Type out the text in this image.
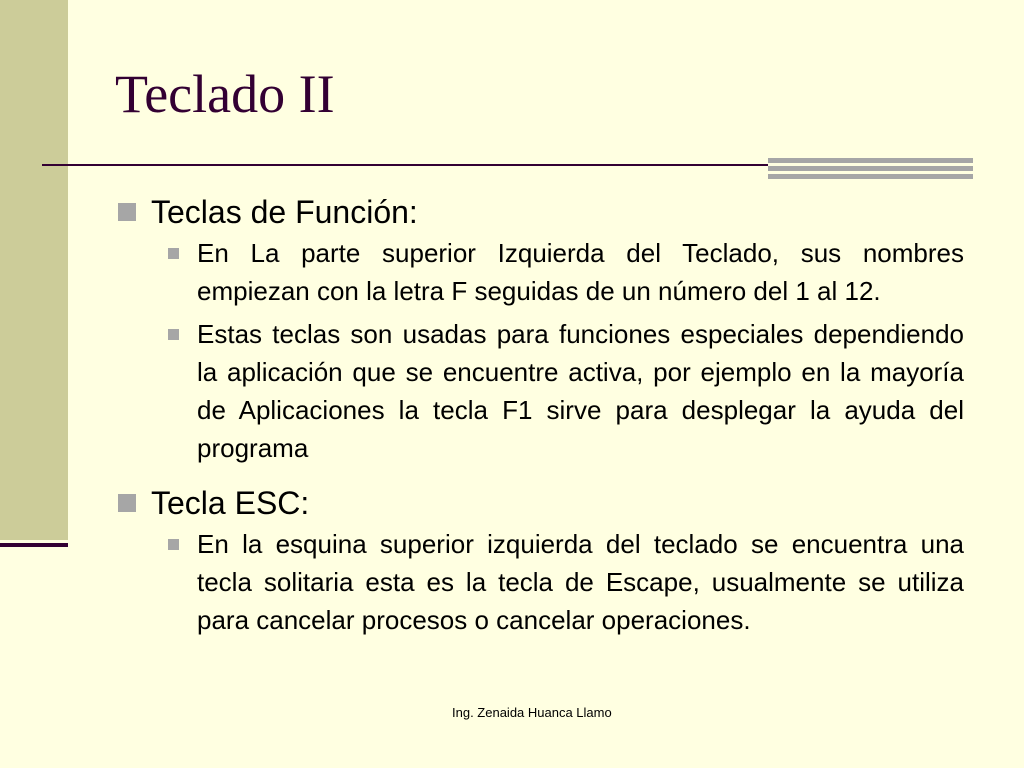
Teclado II
Teclas de Función:
En La parte superior Izquierda del Teclado, sus nombres empiezan con la letra F seguidas de un número del 1 al 12.
Estas teclas son usadas para funciones especiales dependiendo la aplicación que se encuentre activa, por ejemplo en la mayoría de Aplicaciones la tecla F1 sirve para desplegar la ayuda del programa
Tecla ESC:
En la esquina superior izquierda del teclado se encuentra una tecla solitaria esta es la tecla de Escape, usualmente se utiliza para cancelar procesos o cancelar operaciones.
Ing. Zenaida Huanca Llamo
